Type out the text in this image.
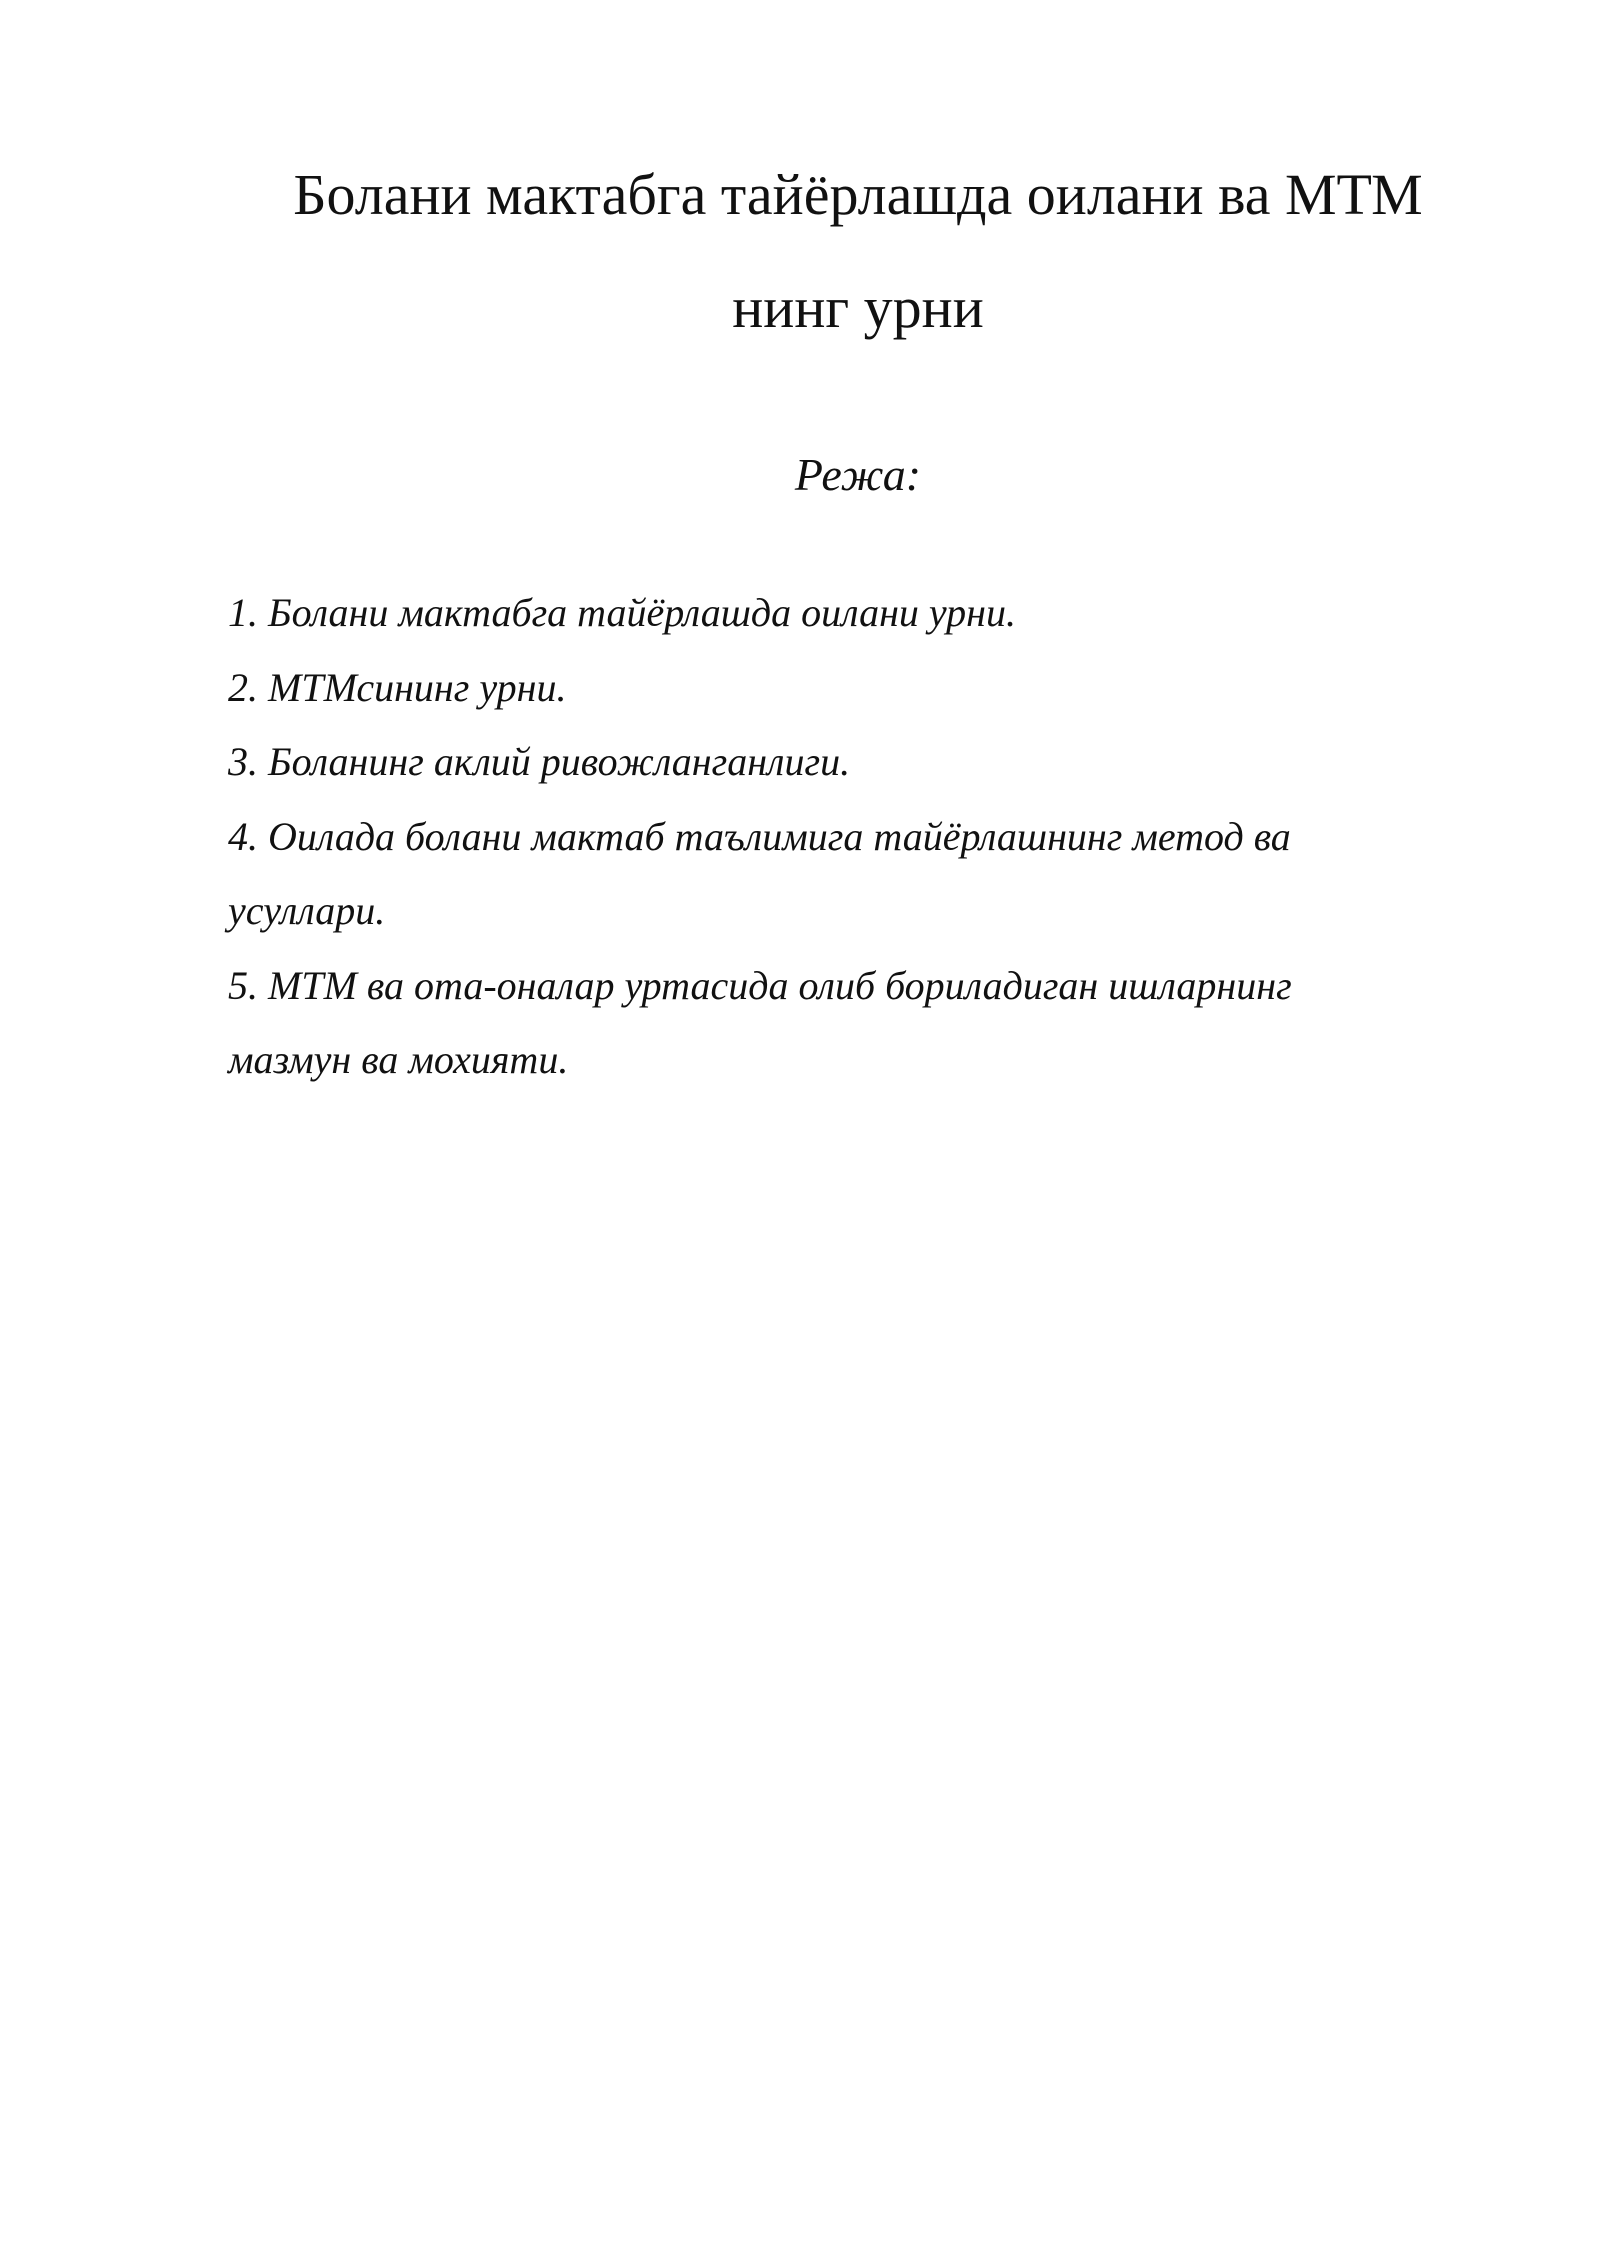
Болани мактабга тайёрлашда оилани ва МТМ нинг урни
Режа:
1. Болани мактабга тайёрлашда оилани урни.
2. МТМсининг урни.
3. Боланинг аклий ривожланганлиги.
4. Оилада болани мактаб таълимига тайёрлашнинг метод ва усуллари.
5. МТМ ва ота-оналар уртасида олиб бориладиган ишларнинг мазмун ва мохияти.
